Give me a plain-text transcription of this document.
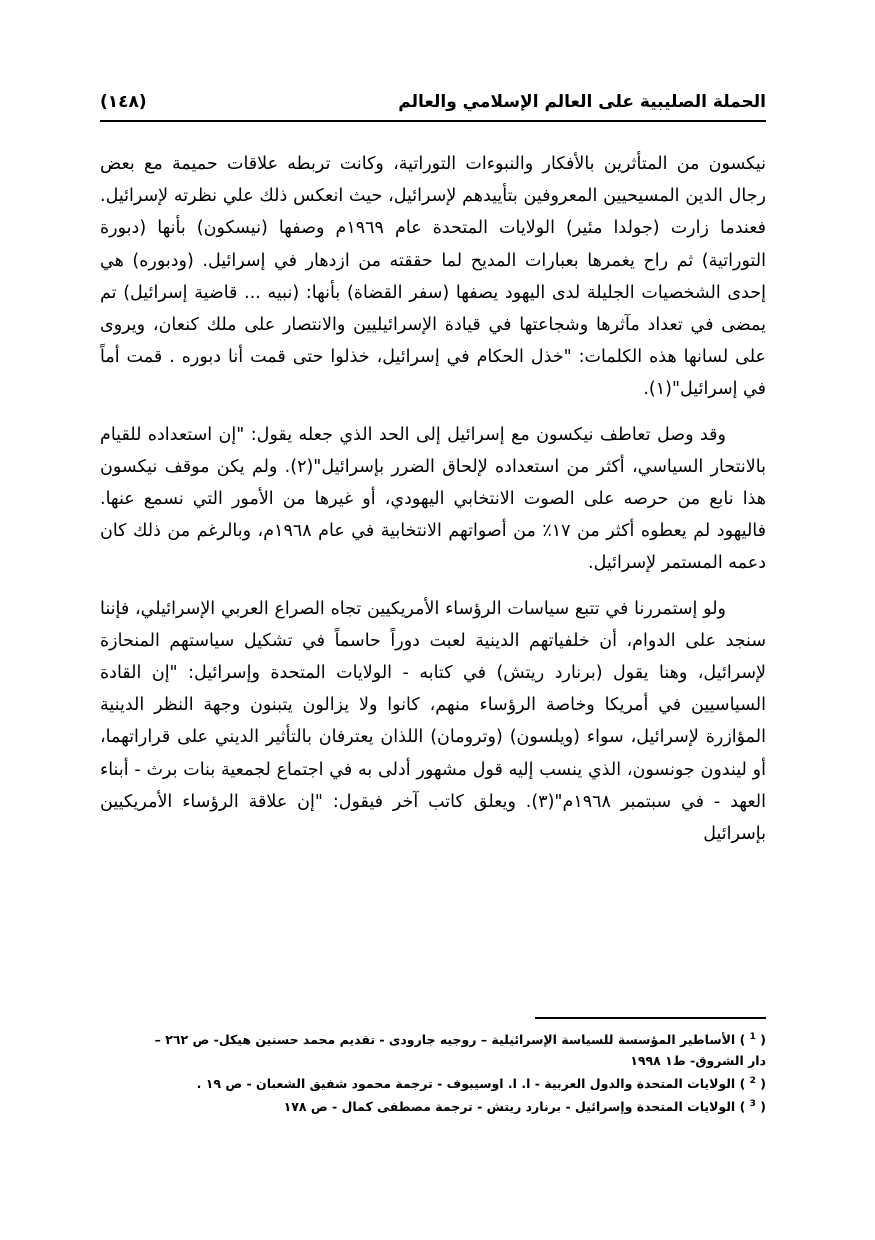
الحملة الصليبية على العالم الإسلامي والعالم
(١٤٨)

نيكسون من المتأثرين بالأفكار والنبوءات التوراتية، وكانت تربطه علاقات حميمة مع بعض رجال الدين المسيحيين المعروفين بتأييدهم لإسرائيل، حيث انعكس ذلك علي نظرته لإسرائيل. فعندما زارت (جولدا مئير) الولايات المتحدة عام ١٩٦٩م وصفها (نيسكون) بأنها (دبورة التوراتية) ثم راح يغمرها بعبارات المديح لما حققته من ازدهار في إسرائيل. (ودبوره) هي إحدى الشخصيات الجليلة لدى اليهود يصفها (سفر القضاة) بأنها: (نبيه ... قاضية إسرائيل) تم يمضى في تعداد مآثرها وشجاعتها في قيادة الإسرائيليين والانتصار على ملك كنعان، ويروى على لسانها هذه الكلمات: "خذل الحكام في إسرائيل، خذلوا حتى قمت أنا دبوره . قمت أماً في إسرائيل"(١).

وقد وصل تعاطف نيكسون مع إسرائيل إلى الحد الذي جعله يقول: "إن استعداده للقيام بالانتحار السياسي، أكثر من استعداده لإلحاق الضرر بإسرائيل"(٢). ولم يكن موقف نيكسون هذا نابع من حرصه على الصوت الانتخابي اليهودي، أو غيرها من الأمور التي نسمع عنها. فاليهود لم يعطوه أكثر من ١٧٪ من أصواتهم الانتخابية في عام ١٩٦٨م، وبالرغم من ذلك كان دعمه المستمر لإسرائيل.

ولو إستمررنا في تتبع سياسات الرؤساء الأمريكيين تجاه الصراع العربي الإسرائيلي، فإننا سنجد على الدوام، أن خلفياتهم الدينية لعبت دوراً حاسماً في تشكيل سياستهم المنحازة لإسرائيل، وهنا يقول (برنارد ريتش) في كتابه - الولايات المتحدة وإسرائيل: "إن القادة السياسيين في أمريكا وخاصة الرؤساء منهم، كانوا ولا يزالون يتبنون وجهة النظر الدينية المؤازرة لإسرائيل، سواء (ويلسون) (وترومان) اللذان يعترفان بالتأثير الديني على قراراتهما، أو ليندون جونسون، الذي ينسب إليه قول مشهور أدلى به في اجتماع لجمعية بنات برث - أبناء العهد - في سبتمبر ١٩٦٨م"(٣). ويعلق كاتب آخر فيقول: "إن علاقة الرؤساء الأمريكيين بإسرائيل

( $^1$ ) الأساطير المؤسسة للسياسة الإسرائيلية – روجيه جارودى - تقديم محمد حسنين هيكل- ص ٢٦٢ –
دار الشروق- ط١ ١٩٩٨
( $^2$ ) الولايات المتحدة والدول العربية - ا. ا. اوسيبوف - ترجمة محمود شفيق الشعبان - ص ١٩ .
( $^3$ ) الولايات المتحدة وإسرائيل - برنارد ريتش - ترجمة مصطفى كمال - ص ١٧٨
